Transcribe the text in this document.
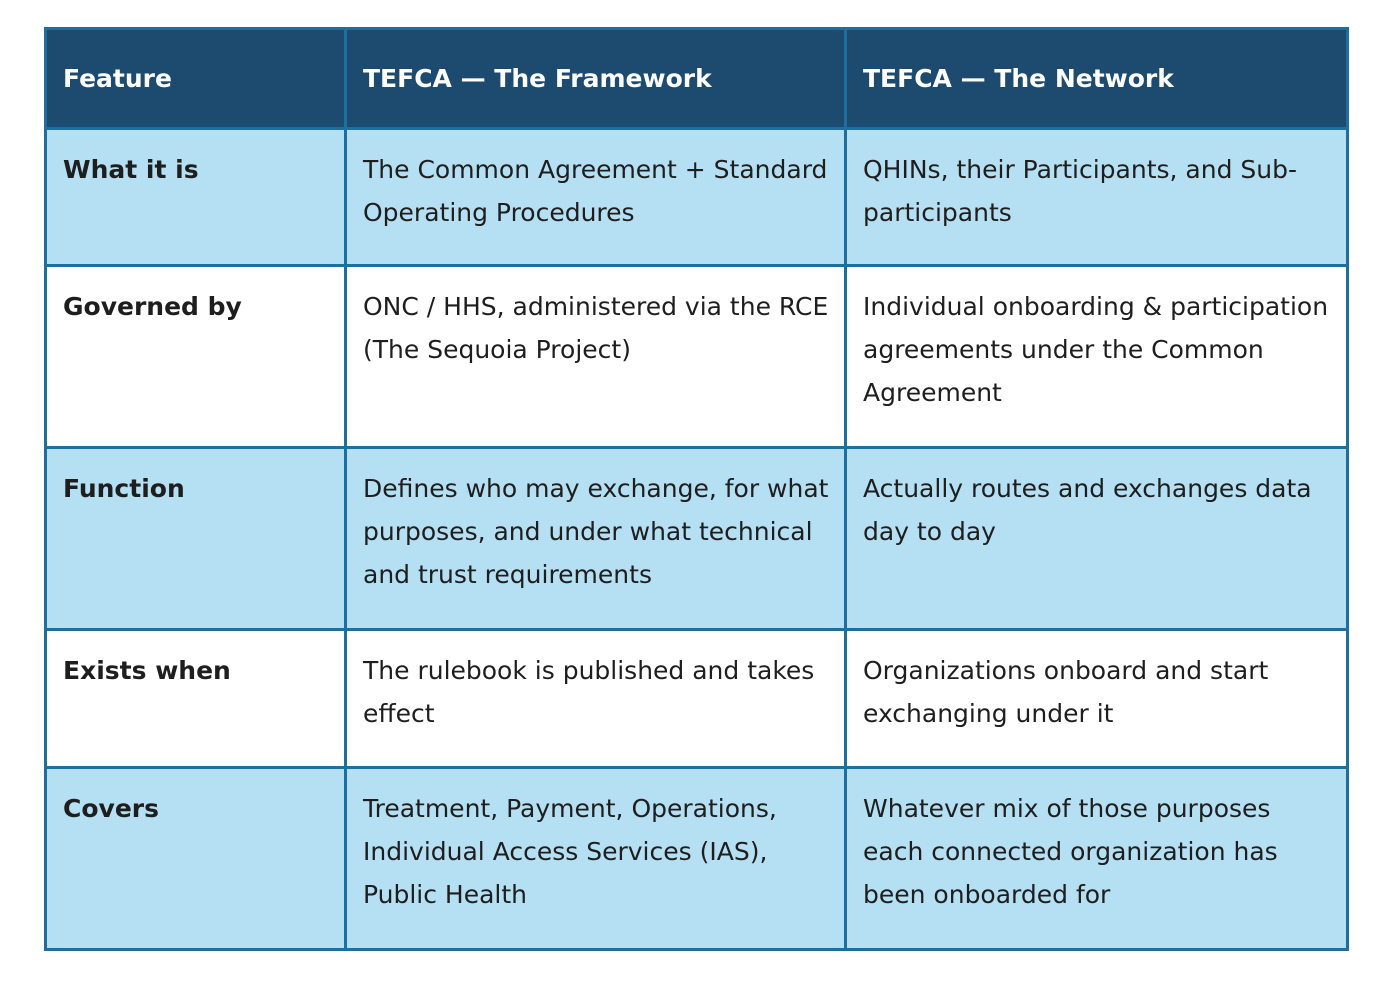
Feature	TEFCA — The Framework	TEFCA — The Network
What it is	The Common Agreement + Standard Operating Procedures	QHINs, their Participants, and Sub-participants
Governed by	ONC / HHS, administered via the RCE (The Sequoia Project)	Individual onboarding & participation agreements under the Common Agreement
Function	Defines who may exchange, for what purposes, and under what technical and trust requirements	Actually routes and exchanges data day to day
Exists when	The rulebook is published and takes effect	Organizations onboard and start exchanging under it
Covers	Treatment, Payment, Operations, Individual Access Services (IAS), Public Health	Whatever mix of those purposes each connected organization has been onboarded for
